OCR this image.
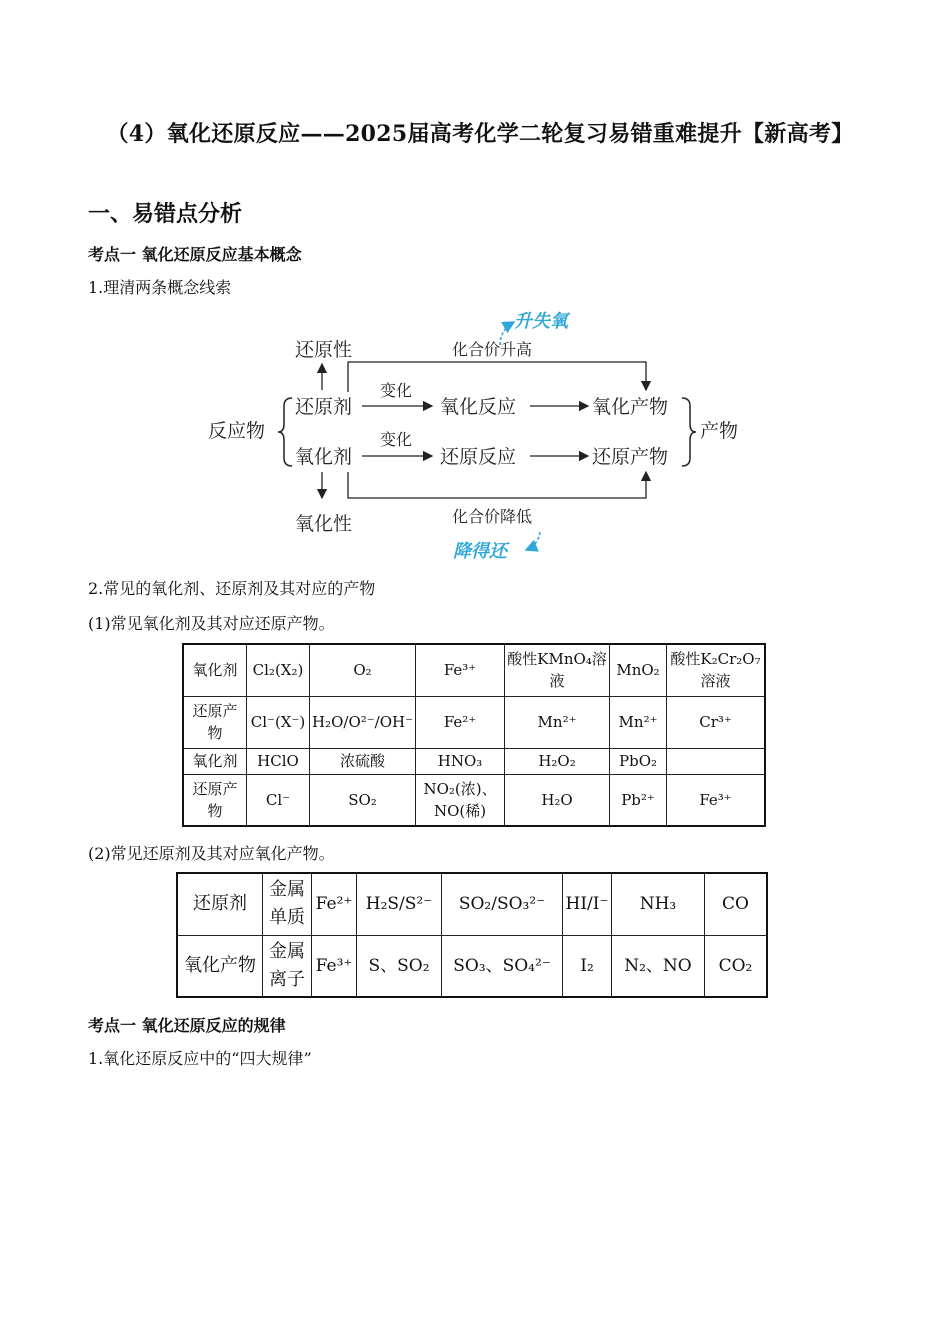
（4）氧化还原反应——2025届高考化学二轮复习易错重难提升【新高考】
一、易错点分析
考点一 氧化还原反应基本概念
1.理清两条概念线索
升失氧
降得还
还原性
氧化性
反应物
还原剂
氧化剂
氧化反应
还原反应
氧化产物
还原产物
产物
变化
变化
化合价升高
化合价降低
2.常见的氧化剂、还原剂及其对应的产物
(1)常见氧化剂及其对应还原产物。
氧化剂	Cl₂(X₂)	O₂	Fe³⁺	酸性KMnO₄溶液	MnO₂	酸性K₂Cr₂O₇溶液
还原产物	Cl⁻(X⁻)	H₂O/O²⁻/OH⁻	Fe²⁺	Mn²⁺	Mn²⁺	Cr³⁺
氧化剂	HClO	浓硫酸	HNO₃	H₂O₂	PbO₂	
还原产物	Cl⁻	SO₂	NO₂(浓)、NO(稀)	H₂O	Pb²⁺	Fe³⁺
(2)常见还原剂及其对应氧化产物。
还原剂	金属单质	Fe²⁺	H₂S/S²⁻	SO₂/SO₃²⁻	HI/I⁻	NH₃	CO
氧化产物	金属离子	Fe³⁺	S、SO₂	SO₃、SO₄²⁻	I₂	N₂、NO	CO₂
考点一 氧化还原反应的规律
1.氧化还原反应中的“四大规律”
